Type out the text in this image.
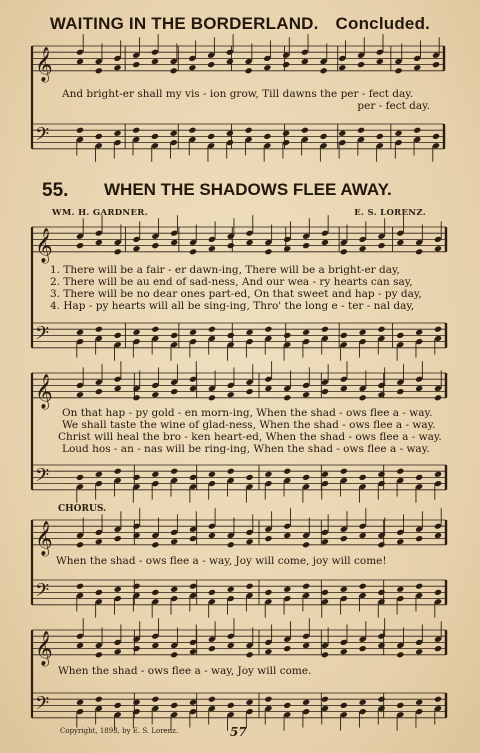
WAITING IN THE BORDERLAND. Concluded.
55. WHEN THE SHADOWS FLEE AWAY.
WM. H. GARDNER.	E. S. LORENZ.
CHORUS.
𝄞
𝄢
𝄞
𝄢
𝄞
𝄢
𝄞
𝄢
𝄞
𝄢
And bright-er shall my vis - ion grow, Till dawns the per - fect day.
per - fect day.
1. There will be a fair - er dawn-ing, There will be a bright-er day,
2. There will be au end of sad-ness, And our wea - ry hearts can say,
3. There will be no dear ones part-ed, On that sweet and hap - py day,
4. Hap - py hearts will all be sing-ing, Thro' the long e - ter - nal day,
On that hap - py gold - en morn-ing, When the shad - ows flee a - way.
We shall taste the wine of glad-ness, When the shad - ows flee a - way.
Christ will heal the bro - ken heart-ed, When the shad - ows flee a - way.
Loud hos - an - nas will be ring-ing, When the shad - ows flee a - way.
When the shad - ows flee a - way, Joy will come, joy will come!
When the shad - ows flee a - way, Joy will come.
Copyright, 1893, by E. S. Lorenz.	57
